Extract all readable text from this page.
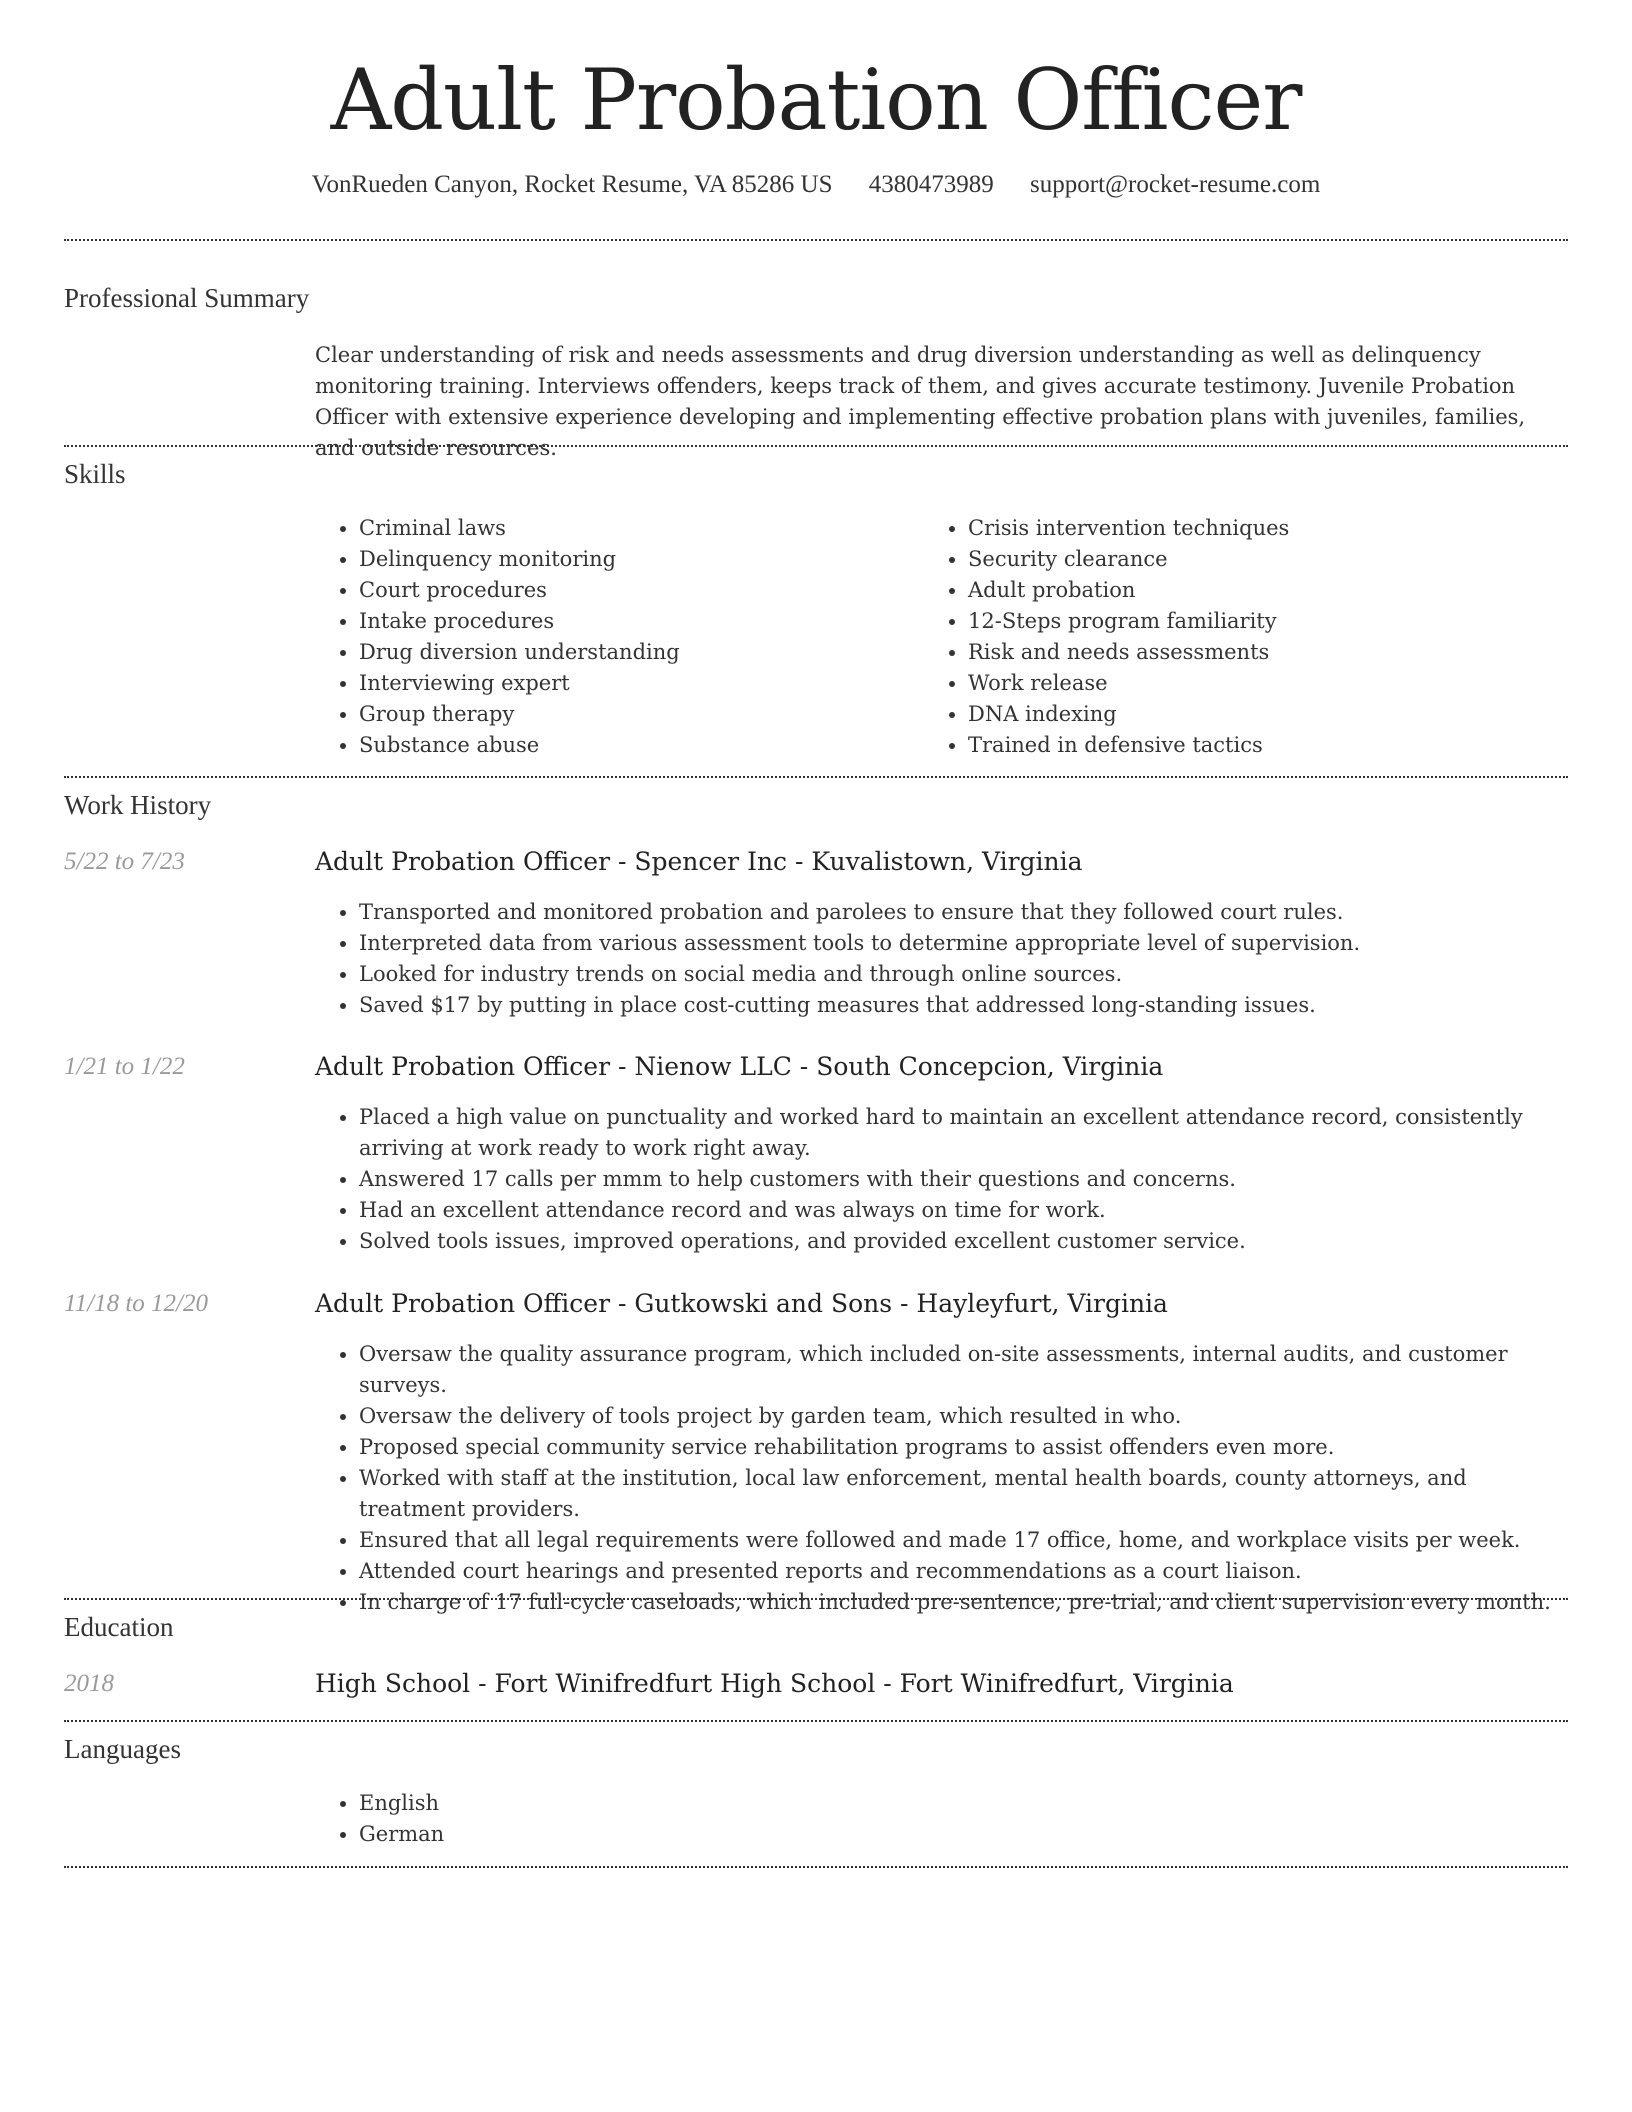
Adult Probation Officer
VonRueden Canyon, Rocket Resume, VA 85286 US 4380473989 support@rocket-resume.com
Professional Summary
Clear understanding of risk and needs assessments and drug diversion understanding as well as delinquency monitoring training. Interviews offenders, keeps track of them, and gives accurate testimony. Juvenile Probation Officer with extensive experience developing and implementing effective probation plans with juveniles, families, and outside resources.
Skills
• Criminal laws
• Delinquency monitoring
• Court procedures
• Intake procedures
• Drug diversion understanding
• Interviewing expert
• Group therapy
• Substance abuse
• Crisis intervention techniques
• Security clearance
• Adult probation
• 12-Steps program familiarity
• Risk and needs assessments
• Work release
• DNA indexing
• Trained in defensive tactics
Work History
5/22 to 7/23	Adult Probation Officer - Spencer Inc - Kuvalistown, Virginia
• Transported and monitored probation and parolees to ensure that they followed court rules.
• Interpreted data from various assessment tools to determine appropriate level of supervision.
• Looked for industry trends on social media and through online sources.
• Saved $17 by putting in place cost-cutting measures that addressed long-standing issues.
1/21 to 1/22	Adult Probation Officer - Nienow LLC - South Concepcion, Virginia
• Placed a high value on punctuality and worked hard to maintain an excellent attendance record, consistently arriving at work ready to work right away.
• Answered 17 calls per mmm to help customers with their questions and concerns.
• Had an excellent attendance record and was always on time for work.
• Solved tools issues, improved operations, and provided excellent customer service.
11/18 to 12/20	Adult Probation Officer - Gutkowski and Sons - Hayleyfurt, Virginia
• Oversaw the quality assurance program, which included on-site assessments, internal audits, and customer surveys.
• Oversaw the delivery of tools project by garden team, which resulted in who.
• Proposed special community service rehabilitation programs to assist offenders even more.
• Worked with staff at the institution, local law enforcement, mental health boards, county attorneys, and treatment providers.
• Ensured that all legal requirements were followed and made 17 office, home, and workplace visits per week.
• Attended court hearings and presented reports and recommendations as a court liaison.
• In charge of 17 full-cycle caseloads, which included pre-sentence, pre-trial, and client supervision every month.
Education
2018	High School - Fort Winifredfurt High School - Fort Winifredfurt, Virginia
Languages
• English
• German
